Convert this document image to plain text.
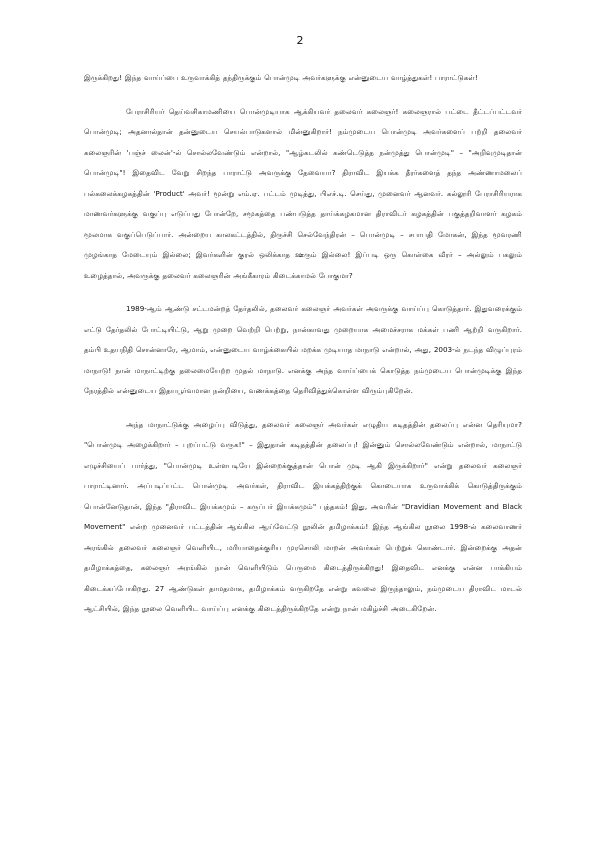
2

இருக்கிறது! இந்த வாய்ப்பை உருவாக்கித் தந்திருக்கும் பொன்முடி அவர்களுக்கு என்னுடைய வாழ்த்துகள்! பாராட்டுகள்!

பேராசிரியர் தெய்வசிகாமணியை பொன்முடியாக ஆக்கியவர் தலைவர் கலைஞர்! கலைஞரால் பட்டை தீட்டப்பட்டவர் பொன்முடி; அதனால்தான் தன்னுடைய செயல்பாடுகளால் மின்னுகிறார்! நம்முடைய பொன்முடி அவர்களைப் பற்றி தலைவர் கலைஞரின் 'பஞ்ச் லைன்'-ல் சொல்லவேண்டும் என்றால், "ஆழ்கடலில் கண்டெடுத்த நன்முத்து பொன்முடி" – "அறிவுமுடிதான் பொன்முடி"! இதைவிட வேறு சிறந்த பாராட்டு அவருக்கு தேவையா? திராவிட இயக்க தீரர்களைத் தந்த அண்ணாமலைப் பல்கலைக்கழகத்தின் 'Product' அவர்! மூன்று எம்.ஏ. பட்டம் முடித்து, பிஎச்.டி. செய்து, முனைவர் ஆனவர். கல்லூரி பேராசிரியராக மாணவர்களுக்கு வகுப்பு எடுப்பது போன்றே, சமூகத்தை பண்படுத்த தாய்க்கழகமான திராவிடர் கழகத்தின் பகுத்தறிவாளர் கழகம் மூலமாக வகுப்பெடுப்பார். அன்றைய காலகட்டத்தில், திருச்சி செல்வேந்திரன் – பொன்முடி – சபாபதி மோகன், இந்த மூவரணி முழங்காத மேடையும் இல்லை; இவர்களின் குரல் ஒலிக்காத ஊரும் இல்லை! இப்படி ஒரு கொள்கை வீரர் – அல்லும் பகலும் உழைத்தால், அவருக்கு தலைவர் கலைஞரின் அங்கீகாரம் கிடைக்காமல் போகுமா?

1989-ஆம் ஆண்டு சட்டமன்றத் தேர்தலில், தலைவர் கலைஞர் அவர்கள் அவருக்கு வாய்ப்பு கொடுத்தார். இதுவரைக்கும் எட்டு தேர்தலில் போட்டியிட்டு, ஆறு முறை வெற்றி பெற்று, நான்காவது முறையாக அமைச்சராக மக்கள் பணி ஆற்றி வருகிறார். தம்பி உதயநிதி சொன்னாரே, ஆமாம், என்னுடைய வாழ்க்கையில் மறக்க முடியாத மாநாடு என்றால், அது, 2003-ல் நடந்த விழுப்புரம் மாநாடு! நான் மாநாட்டிற்கு தலைமையேற்ற முதல் மாநாடு. எனக்கு அந்த வாய்ப்பைக் கொடுத்த நம்முடைய பொன்முடிக்கு இந்த நேரத்தில் என்னுடைய இதயபூர்வமான நன்றியை, வணக்கத்தை தெரிவித்துக்கொள்ள விரும்புகிறேன்.

அந்த மாநாட்டுக்கு அழைப்பு விடுத்து, தலைவர் கலைஞர் அவர்கள் எழுதிய கடிதத்தின் தலைப்பு என்ன தெரியுமா? "பொன்முடி அழைக்கிறார் – புறப்பட்டு வருக!" – இதுதான் கடிதத்தின் தலைப்பு! இன்னும் சொல்லவேண்டும் என்றால், மாநாட்டு எழுச்சியைப் பார்த்து, "பொன்முடி உள்ளபடியே இன்றைக்குத்தான் பொன் முடி ஆகி இருக்கிறார்" என்று தலைவர் கலைஞர் பாராட்டினார். அப்படிப்பட்ட பொன்முடி அவர்கள், திராவிட இயக்கத்திற்குக் கொடையாக உருவாக்கிக் கொடுத்திருக்கும் பொன்னேடுதான், இந்த "திராவிட இயக்கமும் – கருப்பர் இயக்கமும்" புத்தகம்! இது, அவரின் "Dravidian Movement and Black Movement" என்ற முனைவர் பட்டத்தின் ஆங்கில ஆய்வேட்டு நூலின் தமிழாக்கம்! இந்த ஆங்கில நூலை 1998-ல் கலைவாணர் அரங்கில் தலைவர் கலைஞர் வெளியிட, மரியாதைக்குரிய முரசொலி மாறன் அவர்கள் பெற்றுக் கொண்டார். இன்றைக்கு அதன் தமிழாக்கத்தை, கலைஞர் அரங்கில் நான் வெளியிடும் பெருமை கிடைத்திருக்கிறது! இதைவிட எனக்கு என்ன பாக்கியம் கிடைக்கப்போகிறது. 27 ஆண்டுகள் தாமதமாக, தமிழாக்கம் வருகிறதே என்று கவலை இருந்தாலும், நம்முடைய திராவிட மாடல் ஆட்சியில், இந்த நூலை வெளியிட வாய்ப்பு எனக்கு கிடைத்திருக்கிறதே என்று நான் மகிழ்ச்சி அடைகிறேன்.
